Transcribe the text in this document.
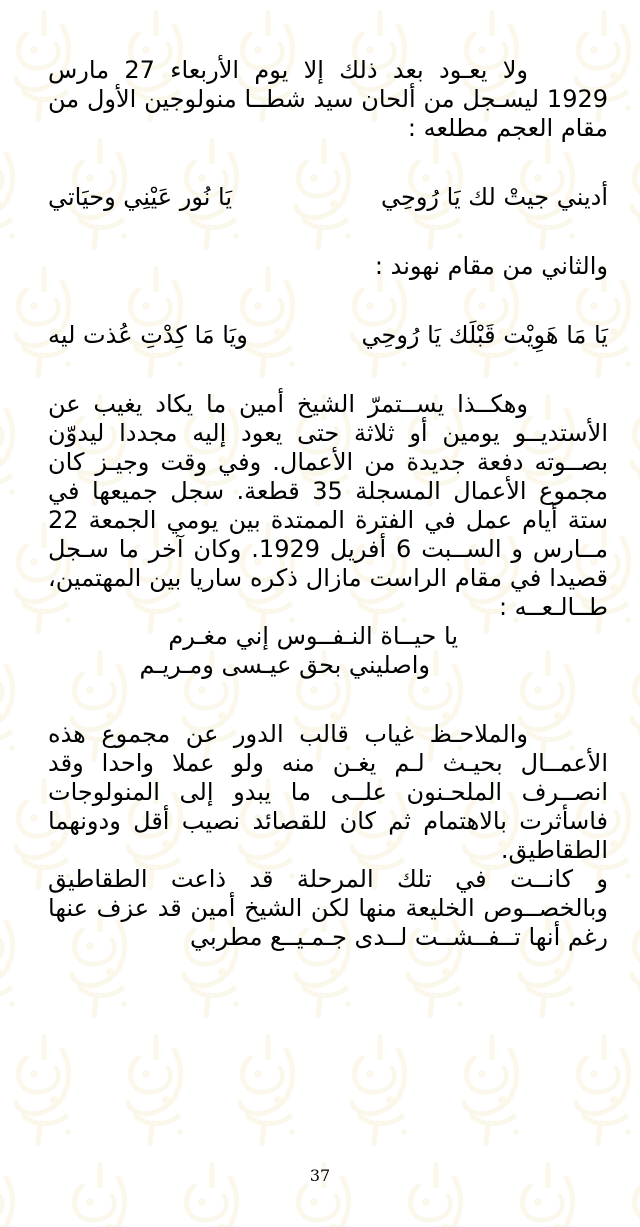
ولا يعـود بعد ذلك إلا يوم الأربعاء 27 مارس 1929 ليسـجل من ألحان سيد شطــا منولوجين الأول من مقام العجم مطلعه :

أديني جيتْ لك يَا رُوحِي
يَا نُور عَيْنِي وحيَاتي

والثاني من مقام نهوند :

يَا مَا هَوِيْت قَبْلَك يَا رُوحِي
ويَا مَا كِدْتِ عُذت ليه

وهكــذا يســتمرّ الشيخ أمين ما يكاد يغيب عن الأستديــو يومين أو ثلاثة حتى يعود إليه مجددا ليدوّن بصــوته دفعة جديدة من الأعمال. وفي وقت وجيـز كان مجموع الأعمال المسجلة 35 قطعة. سجل جميعها في ستة أيام عمل في الفترة الممتدة بين يومي الجمعة 22 مــارس و الســبت 6 أفريل 1929. وكان آخر ما سـجل قصيدا في مقام الراست مازال ذكره ساريا بين المهتمين، طــالـعــه :

يا حيــاة النـفــوس إني مغـرم
واصليني بحق عيـسى ومـريـم

والملاحـظ غياب قالب الدور عن مجموع هذه الأعمــال بحيـث لـم يغـن منه ولو عملا واحدا وقد انصــرف الملحـنون علــى ما يبدو إلى المنولوجات فاسأثرت بالاهتمام ثم كان للقصائد نصيب أقل ودونهما الطقاطيق.

و كانــت في تلك المرحلة قد ذاعت الطقاطيق وبالخصــوص الخليعة منها لكن الشيخ أمين قد عزف عنها رغم أنها تــفــشــت لــدى جـمـيــع مطربي

37
